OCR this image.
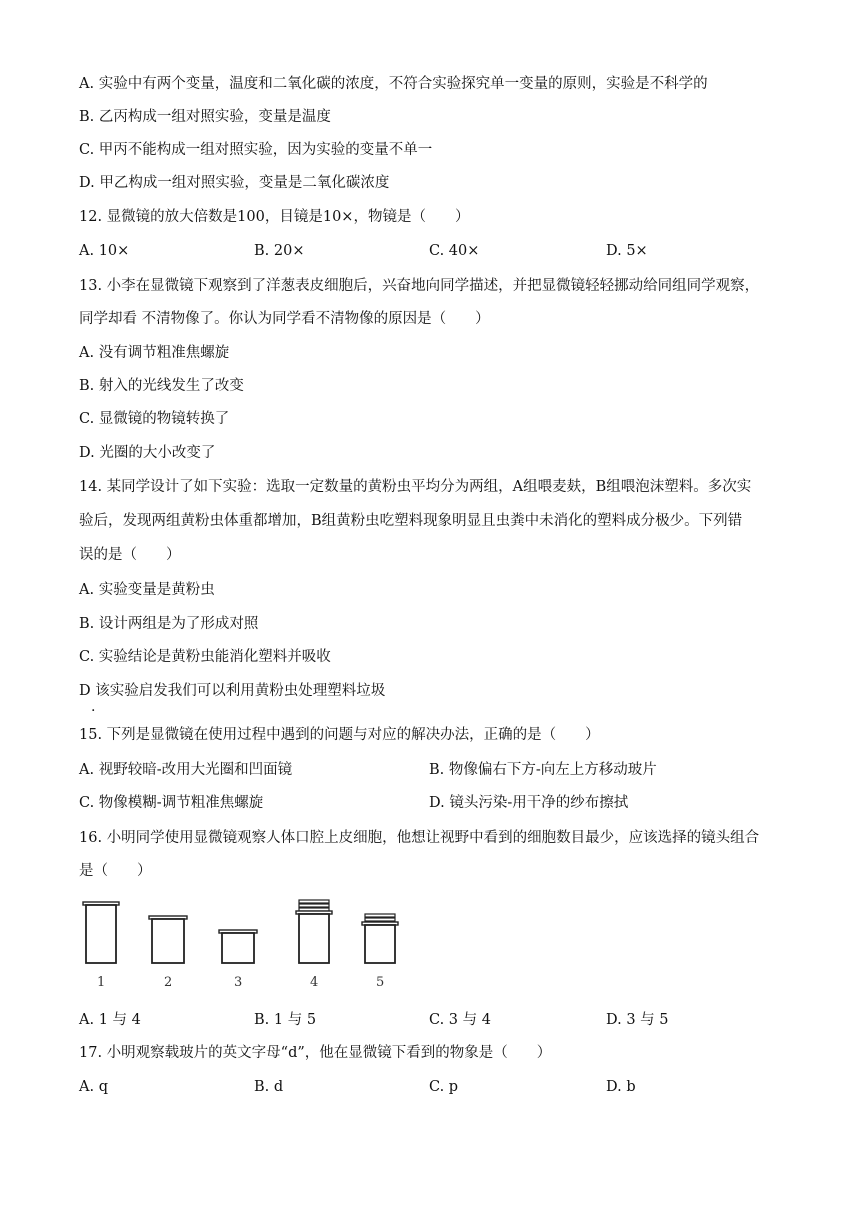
A. 实验中有两个变量，温度和二氧化碳的浓度，不符合实验探究单一变量的原则，实验是不科学的
B. 乙丙构成一组对照实验，变量是温度
C. 甲丙不能构成一组对照实验，因为实验的变量不单一
D. 甲乙构成一组对照实验，变量是二氧化碳浓度
12. 显微镜的放大倍数是100，目镜是10×，物镜是（　　）
A. 10×	B. 20×	C. 40×	D. 5×
13. 小李在显微镜下观察到了洋葱表皮细胞后，兴奋地向同学描述，并把显微镜轻轻挪动给同组同学观察，
同学却看 不清物像了。你认为同学看不清物像的原因是（　　）
A. 没有调节粗准焦螺旋
B. 射入的光线发生了改变
C. 显微镜的物镜转换了
D. 光圈的大小改变了
14. 某同学设计了如下实验：选取一定数量的黄粉虫平均分为两组，A组喂麦麸，B组喂泡沫塑料。多次实
验后，发现两组黄粉虫体重都增加，B组黄粉虫吃塑料现象明显且虫粪中未消化的塑料成分极少。下列错
误的是（　　）
A. 实验变量是黄粉虫
B. 设计两组是为了形成对照
C. 实验结论是黄粉虫能消化塑料并吸收
D 该实验启发我们可以利用黄粉虫处理塑料垃圾
.
15. 下列是显微镜在使用过程中遇到的问题与对应的解决办法，正确的是（　　）
A. 视野较暗-改用大光圈和凹面镜	B. 物像偏右下方-向左上方移动玻片
C. 物像模糊-调节粗准焦螺旋	D. 镜头污染-用干净的纱布擦拭
16. 小明同学使用显微镜观察人体口腔上皮细胞，他想让视野中看到的细胞数目最少，应该选择的镜头组合
是（　　）
1	2	3	4	5
A. 1 与 4	B. 1 与 5	C. 3 与 4	D. 3 与 5
17. 小明观察载玻片的英文字母“d”，他在显微镜下看到的物象是（　　）
A. q	B. d	C. p	D. b
